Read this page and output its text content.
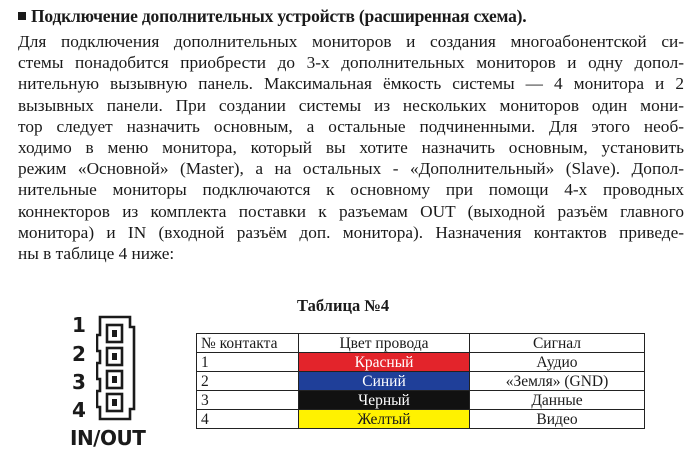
Подключение дополнительных устройств (расширенная схема).
Для подключения дополнительных мониторов и создания многоабонентской си-
стемы понадобится приобрести до 3-х дополнительных мониторов и одну допол-
нительную вызывную панель. Максимальная ёмкость системы — 4 монитора и 2
вызывных панели. При создании системы из нескольких мониторов один мони-
тор следует назначить основным, а остальные подчиненными. Для этого необ-
ходимо в меню монитора, который вы хотите назначить основным, установить
режим «Основной» (Master), а на остальных - «Дополнительный» (Slave). Допол-
нительные мониторы подключаются к основному при помощи 4-х проводных
коннекторов из комплекта поставки к разъемам OUT (выходной разъём главного
монитора) и IN (входной разъём доп. монитора). Назначения контактов приведе-
ны в таблице 4 ниже:
Таблица №4
1
2
3
4
IN/OUT
№ контакта	Цвет провода	Сигнал
1	Красный	Аудио
2	Синий	«Земля» (GND)
3	Черный	Данные
4	Желтый	Видео
